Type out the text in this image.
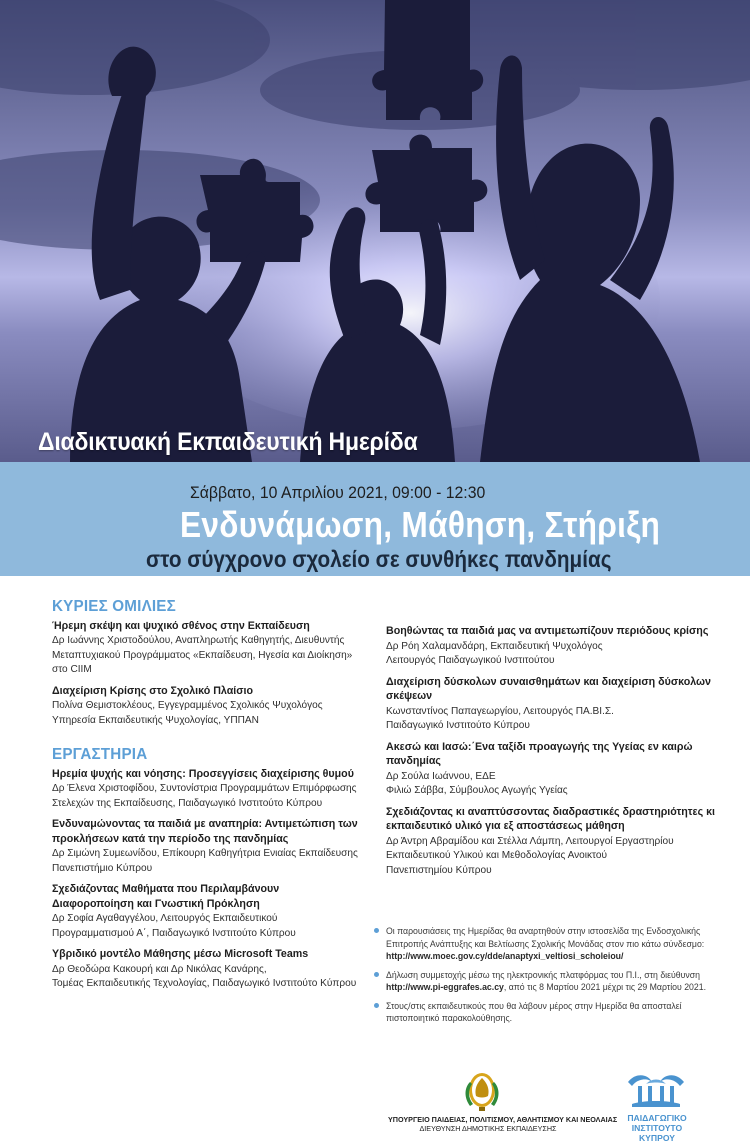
Διαδικτυακή Εκπαιδευτική Ημερίδα
Σάββατο, 10 Απριλίου 2021, 09:00 - 12:30
Ενδυνάμωση, Μάθηση, Στήριξη
στο σύγχρονο σχολείο σε συνθήκες πανδημίας
ΚΥΡΙΕΣ ΟΜΙΛΙΕΣ
Ήρεμη σκέψη και ψυχικό σθένος στην Εκπαίδευση
Δρ Ιωάννης Χριστοδούλου, Αναπληρωτής Καθηγητής, Διευθυντής
Μεταπτυχιακού Προγράμματος «Εκπαίδευση, Ηγεσία και Διοίκηση»
στο CIIM
Διαχείριση Κρίσης στο Σχολικό Πλαίσιο
Πολίνα Θεμιστοκλέους, Εγγεγραμμένος Σχολικός Ψυχολόγος
Υπηρεσία Εκπαιδευτικής Ψυχολογίας, ΥΠΠΑΝ
ΕΡΓΑΣΤΗΡΙΑ
Ηρεμία ψυχής και νόησης: Προσεγγίσεις διαχείρισης θυμού
Δρ Έλενα Χριστοφίδου, Συντονίστρια Προγραμμάτων Επιμόρφωσης
Στελεχών της Εκπαίδευσης, Παιδαγωγικό Ινστιτούτο Κύπρου
Ενδυναμώνοντας τα παιδιά με αναπηρία: Αντιμετώπιση των προκλήσεων κατά την περίοδο της πανδημίας
Δρ Σιμώνη Συμεωνίδου, Επίκουρη Καθηγήτρια Ενιαίας Εκπαίδευσης
Πανεπιστήμιο Κύπρου
Σχεδιάζοντας Μαθήματα που Περιλαμβάνουν Διαφοροποίηση και Γνωστική Πρόκληση
Δρ Σοφία Αγαθαγγέλου, Λειτουργός Εκπαιδευτικού
Προγραμματισμού Α΄, Παιδαγωγικό Ινστιτούτο Κύπρου
Υβριδικό μοντέλο Μάθησης μέσω Microsoft Teams
Δρ Θεοδώρα Κακουρή και Δρ Νικόλας Κανάρης,
Τομέας Εκπαιδευτικής Τεχνολογίας, Παιδαγωγικό Ινστιτούτο Κύπρου
Βοηθώντας τα παιδιά μας να αντιμετωπίζουν περιόδους κρίσης
Δρ Ρόη Χαλαμανδάρη, Εκπαιδευτική Ψυχολόγος
Λειτουργός Παιδαγωγικού Ινστιτούτου
Διαχείριση δύσκολων συναισθημάτων και διαχείριση δύσκολων σκέψεων
Κωνσταντίνος Παπαγεωργίου, Λειτουργός ΠΑ.ΒΙ.Σ.
Παιδαγωγικό Ινστιτούτο Κύπρου
Ακεσώ και Ιασώ:΄Ενα ταξίδι προαγωγής της Υγείας εν καιρώ πανδημίας
Δρ Σούλα Ιωάννου, ΕΔΕ
Φιλιώ Σάββα, Σύμβουλος Αγωγής Υγείας
Σχεδιάζοντας κι αναπτύσσοντας διαδραστικές δραστηριότητες κι εκπαιδευτικό υλικό για εξ αποστάσεως μάθηση
Δρ Άντρη Αβραμίδου και Στέλλα Λάμπη, Λειτουργοί Εργαστηρίου
Εκπαιδευτικού Υλικού και Μεθοδολογίας Ανοικτού
Πανεπιστημίου Κύπρου
Οι παρουσιάσεις της Ημερίδας θα αναρτηθούν στην ιστοσελίδα της Ενδοσχολικής
Επιτροπής Ανάπτυξης και Βελτίωσης Σχολικής Μονάδας στον πιο κάτω σύνδεσμο:
http://www.moec.gov.cy/dde/anaptyxi_veltiosi_scholeiou/
Δήλωση συμμετοχής μέσω της ηλεκτρονικής πλατφόρμας του Π.Ι., στη διεύθυνση
http://www.pi-eggrafes.ac.cy, από τις 8 Μαρτίου 2021 μέχρι τις 29 Μαρτίου 2021.
Στους/στις εκπαιδευτικούς που θα λάβουν μέρος στην Ημερίδα θα αποσταλεί
πιστοποιητικό παρακολούθησης.
ΥΠΟΥΡΓΕΙΟ ΠΑΙΔΕΙΑΣ, ΠΟΛΙΤΙΣΜΟΥ, ΑΘΛΗΤΙΣΜΟΥ ΚΑΙ ΝΕΟΛΑΙΑΣ
ΔΙΕΥΘΥΝΣΗ ΔΗΜΟΤΙΚΗΣ ΕΚΠΑΙΔΕΥΣΗΣ
ΠΑΙΔΑΓΩΓΙΚΟ ΙΝΣΤΙΤΟΥΤΟ
ΚΥΠΡΟΥ
